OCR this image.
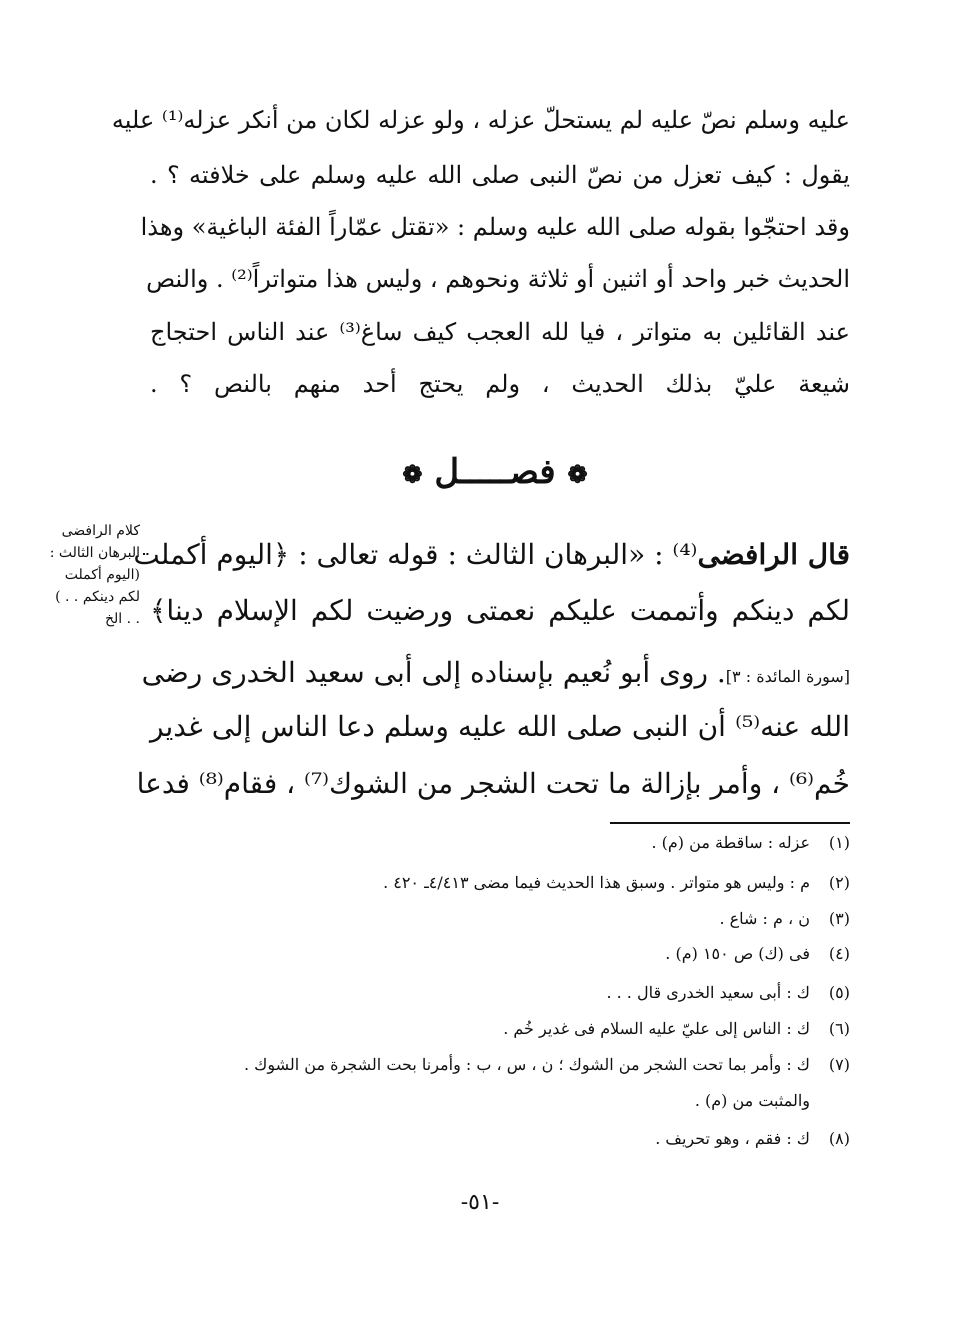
عليه وسلم نصّ عليه لم يستحلّ عزله ، ولو عزله لكان من أنكر عزله⁽¹⁾ عليه
يقول : كيف تعزل من نصّ النبى صلى الله عليه وسلم على خلافته ؟ .
وقد احتجّوا بقوله صلى الله عليه وسلم : «تقتل عمّاراً الفئة الباغية» وهذا
الحديث خبر واحد أو اثنين أو ثلاثة ونحوهم ، وليس هذا متواتراً⁽²⁾ . والنص
عند القائلين به متواتر ، فيا لله العجب كيف ساغ⁽³⁾ عند الناس احتجاج
شيعة عليّ بذلك الحديث ، ولم يحتج أحد منهم بالنص ؟ .
❁ فصـــــل ❁
كلام الرافضى
البرهان الثالث :
(اليوم أكملت
لكم دينكم . . )
. . الخ
قال الرافضى⁽⁴⁾ : «البرهان الثالث : قوله تعالى : ﴿اليوم أكملت
لكم دينكم وأتممت عليكم نعمتى ورضيت لكم الإسلام دينا﴾
[سورة المائدة : ٣]. روى أبو نُعيم بإسناده إلى أبى سعيد الخدرى رضى
الله عنه⁽⁵⁾ أن النبى صلى الله عليه وسلم دعا الناس إلى غدير
خُم⁽⁶⁾ ، وأمر بإزالة ما تحت الشجر من الشوك⁽⁷⁾ ، فقام⁽⁸⁾ فدعا
(١)عزله : ساقطة من (م) .
(٢)م : وليس هو متواتر . وسبق هذا الحديث فيما مضى ٤/٤١٣ـ ٤٢٠ .
(٣)ن ، م : شاع .
(٤)فى (ك) ص ١٥٠ (م) .
(٥)ك : أبى سعيد الخدرى قال . . .
(٦)ك : الناس إلى عليّ عليه السلام فى غدير خُم .
(٧)ك : وأمر بما تحت الشجر من الشوك ؛ ن ، س ، ب : وأمرنا بحت الشجرة من الشوك .
والمثبت من (م) .
(٨)ك : فقم ، وهو تحريف .
-٥١-
